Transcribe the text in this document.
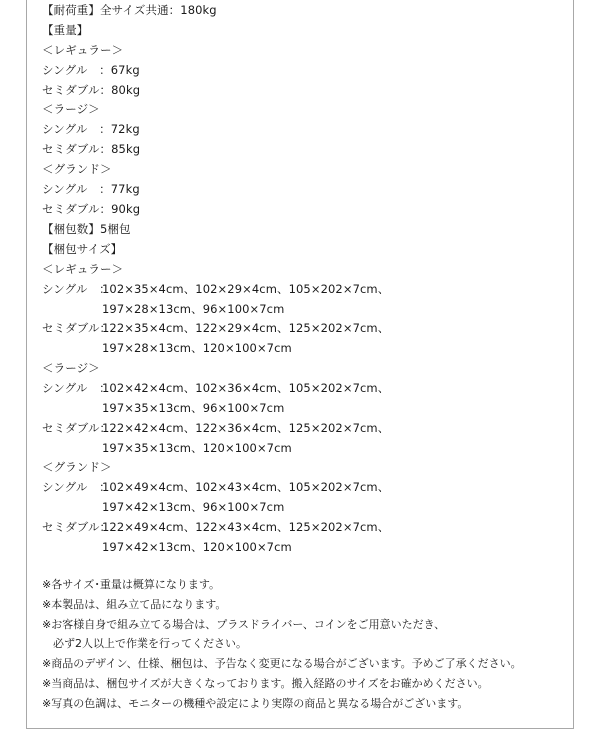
【耐荷重】全サイズ共通：180kg
【重量】
＜レギュラー＞
シングル　：67kg
セミダブル：80kg
＜ラージ＞
シングル　：72kg
セミダブル：85kg
＜グランド＞
シングル　：77kg
セミダブル：90kg
【梱包数】5梱包
【梱包サイズ】
＜レギュラー＞
シングル　：102×35×4cm、102×29×4cm、105×202×7cm、
197×28×13cm、96×100×7cm
セミダブル：122×35×4cm、122×29×4cm、125×202×7cm、
197×28×13cm、120×100×7cm
＜ラージ＞
シングル　：102×42×4cm、102×36×4cm、105×202×7cm、
197×35×13cm、96×100×7cm
セミダブル：122×42×4cm、122×36×4cm、125×202×7cm、
197×35×13cm、120×100×7cm
＜グランド＞
シングル　：102×49×4cm、102×43×4cm、105×202×7cm、
197×42×13cm、96×100×7cm
セミダブル：122×49×4cm、122×43×4cm、125×202×7cm、
197×42×13cm、120×100×7cm
※各サイズ･重量は概算になります。
※本製品は、組み立て品になります。
※お客様自身で組み立てる場合は、プラスドライバー、コインをご用意いただき、
　必ず2人以上で作業を行ってください。
※商品のデザイン、仕様、梱包は、予告なく変更になる場合がございます。予めご了承ください。
※当商品は、梱包サイズが大きくなっております。搬入経路のサイズをお確かめください。
※写真の色調は、モニターの機種や設定により実際の商品と異なる場合がございます。
